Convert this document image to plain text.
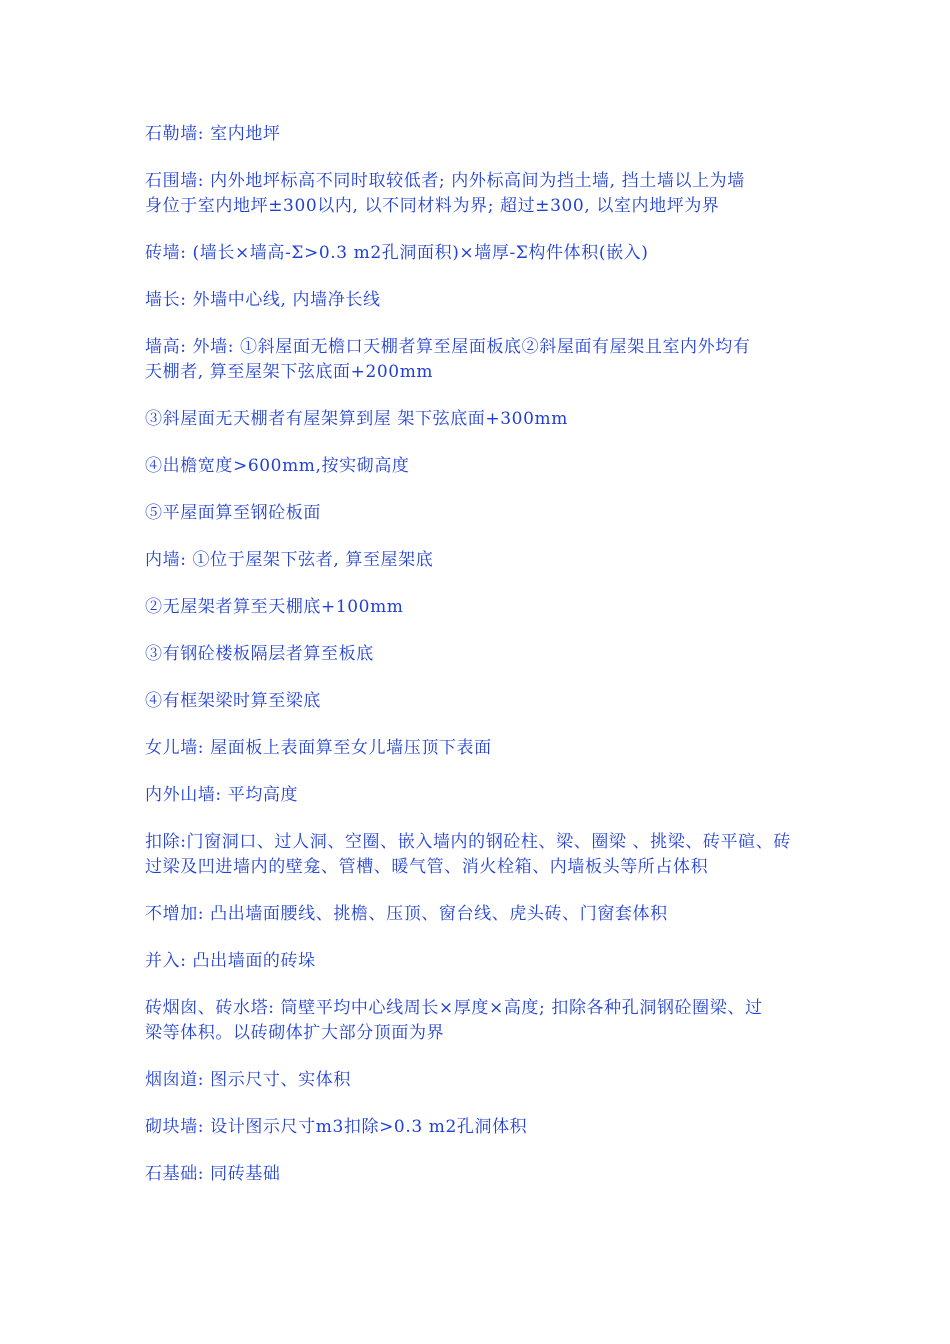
石勒墙: 室内地坪

石围墙: 内外地坪标高不同时取较低者; 内外标高间为挡土墙, 挡土墙以上为墙
身位于室内地坪±300以内, 以不同材料为界; 超过±300, 以室内地坪为界

砖墙: (墙长×墙高-Σ>0.3 m2孔洞面积)×墙厚-Σ构件体积(嵌入)

墙长: 外墙中心线, 内墙净长线

墙高: 外墙: ①斜屋面无檐口天棚者算至屋面板底②斜屋面有屋架且室内外均有
天棚者, 算至屋架下弦底面+200mm

③斜屋面无天棚者有屋架算到屋 架下弦底面+300mm

④出檐宽度>600mm,按实砌高度

⑤平屋面算至钢砼板面

内墙: ①位于屋架下弦者, 算至屋架底

②无屋架者算至天棚底+100mm

③有钢砼楼板隔层者算至板底

④有框架梁时算至梁底

女儿墙: 屋面板上表面算至女儿墙压顶下表面

内外山墙: 平均高度

扣除:门窗洞口、过人洞、空圈、嵌入墙内的钢砼柱、梁、圈梁 、挑梁、砖平碹、砖
过梁及凹进墙内的壁龛、管槽、暖气管、消火栓箱、内墙板头等所占体积

不增加: 凸出墙面腰线、挑檐、压顶、窗台线、虎头砖、门窗套体积

并入: 凸出墙面的砖垛

砖烟囱、砖水塔: 筒壁平均中心线周长×厚度×高度; 扣除各种孔洞钢砼圈梁、过
梁等体积。以砖砌体扩大部分顶面为界

烟囱道: 图示尺寸、实体积

砌块墙: 设计图示尺寸m3扣除>0.3 m2孔洞体积

石基础: 同砖基础
